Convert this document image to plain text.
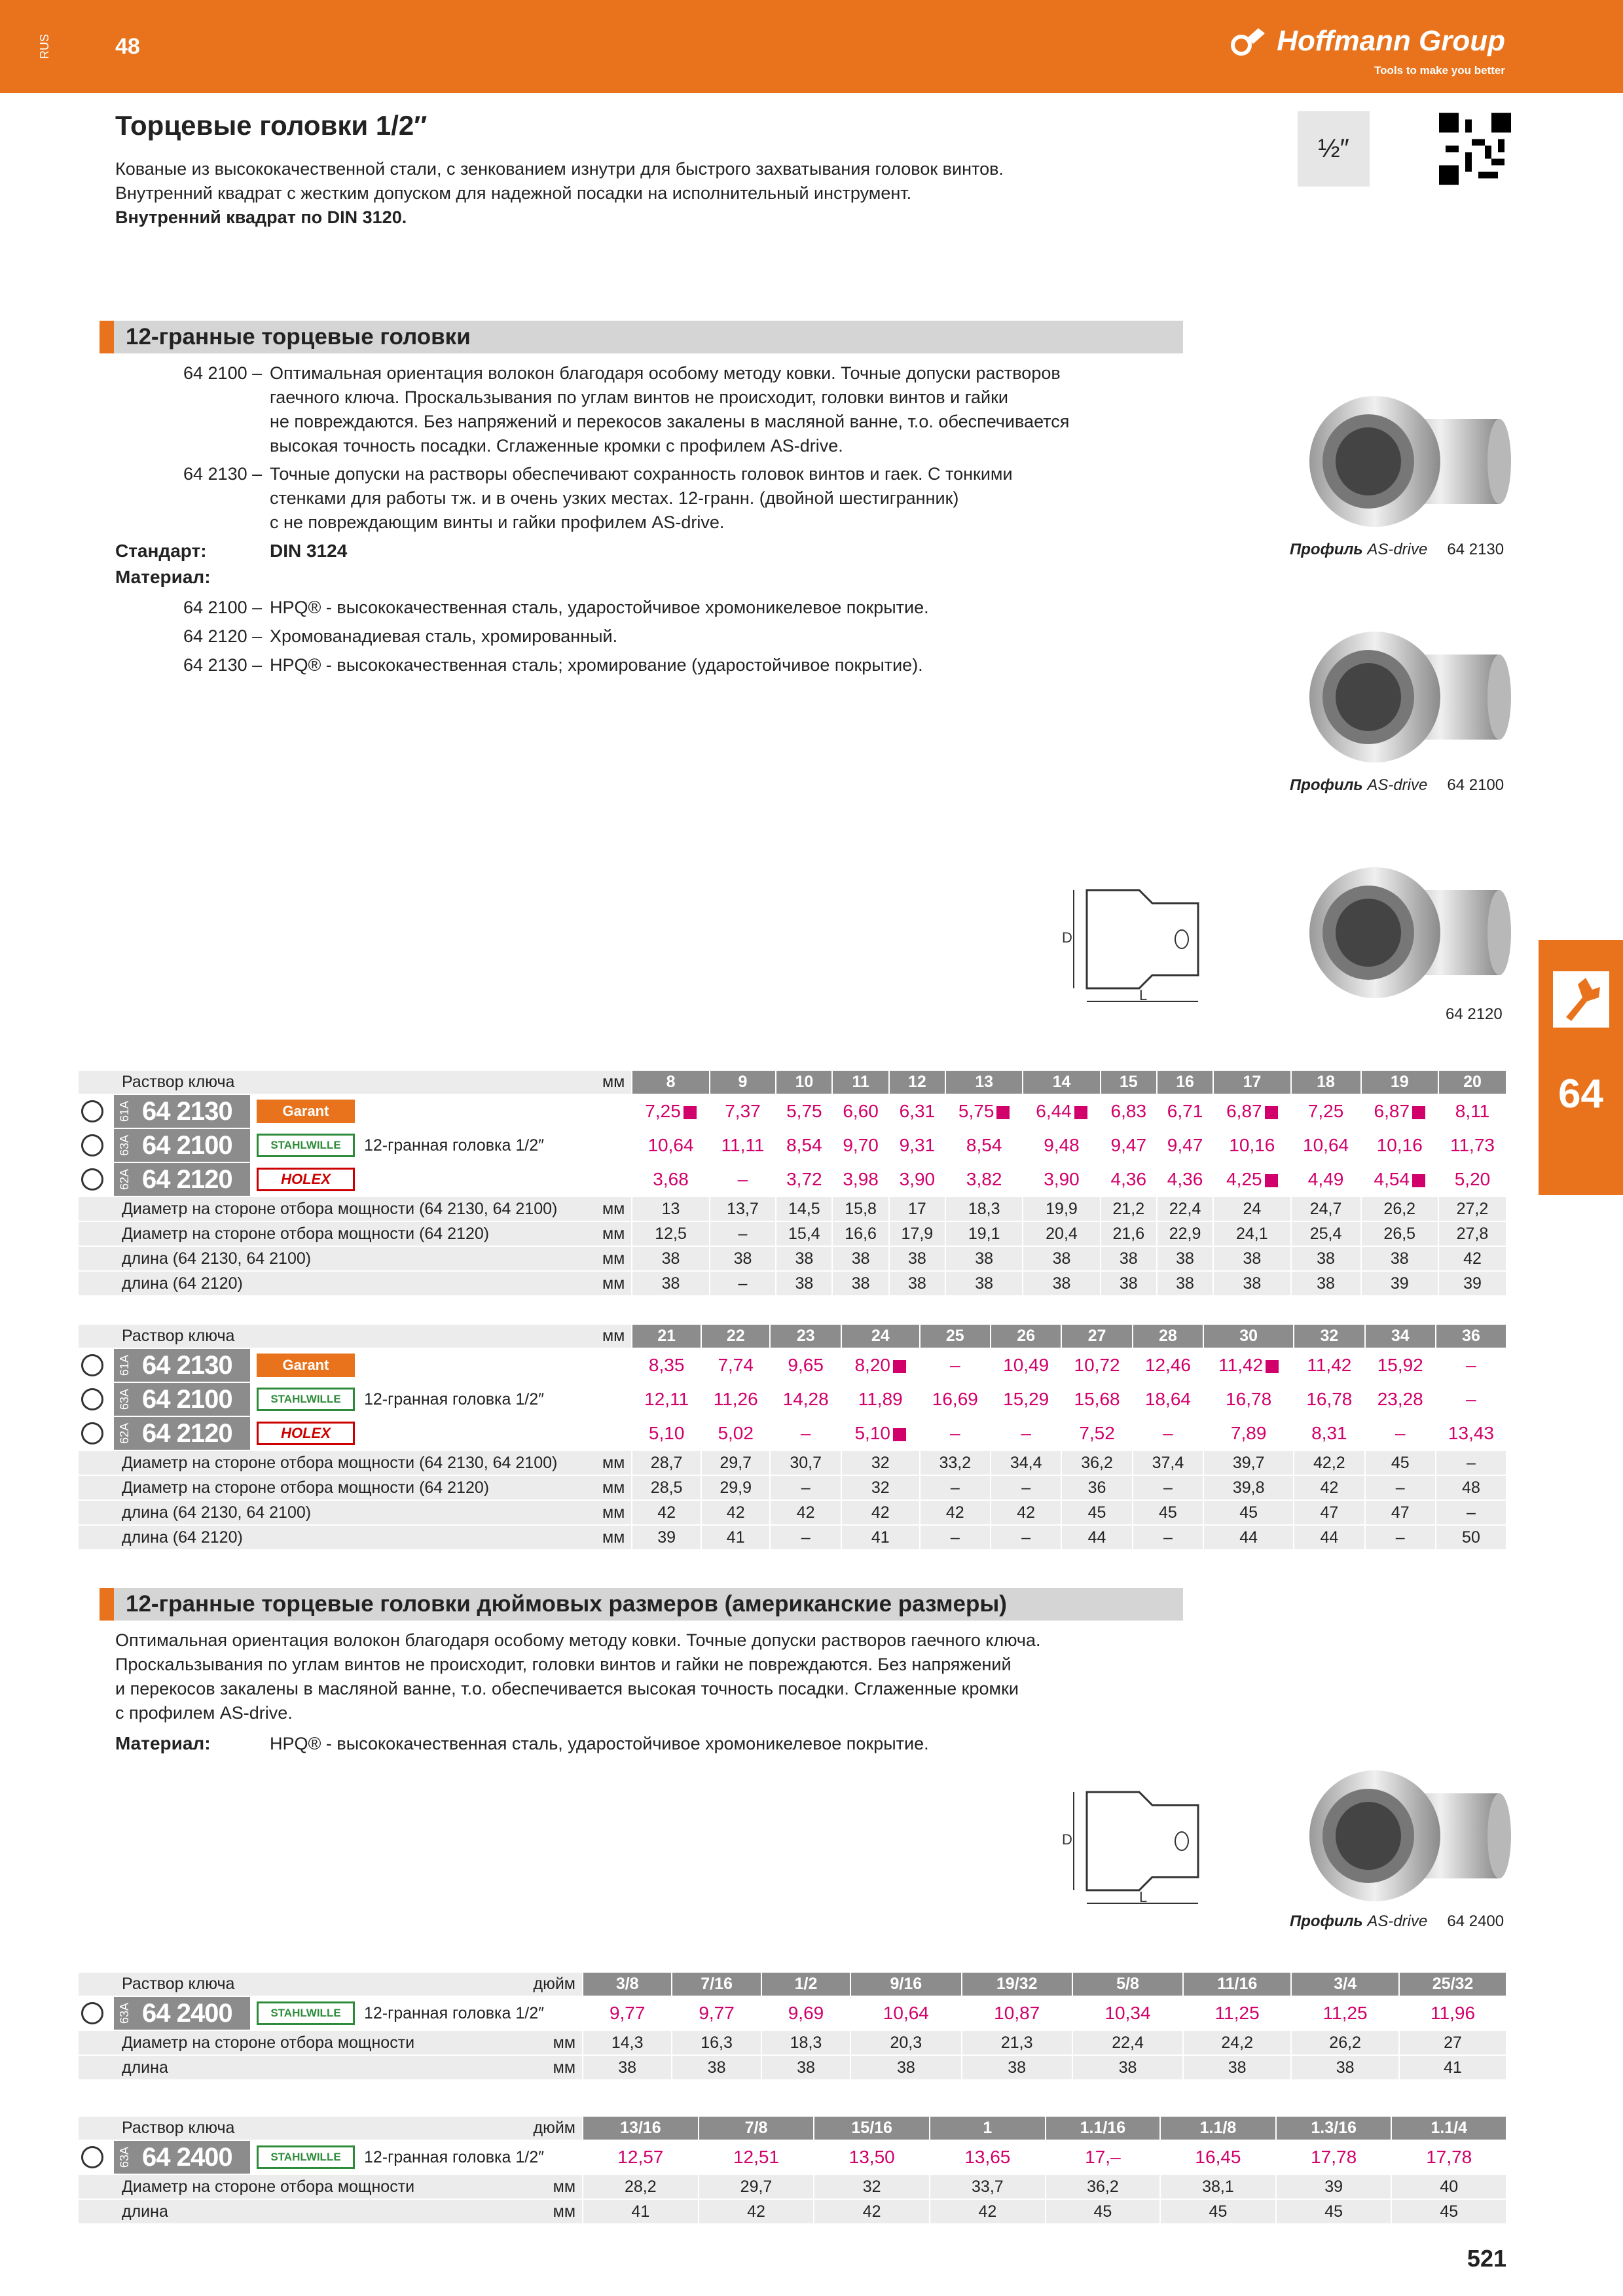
RUS	48	Hoffmann Group
Tools to make you better
Торцевые головки 1/2″
Кованые из высококачественной стали, с зенкованием изнутри для быстрого захватывания головок винтов.
Внутренний квадрат с жестким допуском для надежной посадки на исполнительный инструмент.
Внутренний квадрат по DIN 3120.
½″
12-гранные торцевые головки
64 2100 – Оптимальная ориентация волокон благодаря особому методу ковки. Точные допуски растворов
гаечного ключа. Проскальзывания по углам винтов не происходит, головки винтов и гайки
не повреждаются. Без напряжений и перекосов закалены в масляной ванне, т.о. обеспечивается
высокая точность посадки. Сглаженные кромки с профилем AS-drive.
64 2130 – Точные допуски на растворы обеспечивают сохранность головок винтов и гаек. С тонкими
стенками для работы тж. и в очень узких местах. 12-гранн. (двойной шестигранник)
с не повреждающим винты и гайки профилем AS-drive.
Стандарт:	DIN 3124
Материал:
64 2100 – HPQ® - высококачественная сталь, ударостойчивое хромоникелевое покрытие.
64 2120 – Хромованадиевая сталь, хромированный.
64 2130 – HPQ® - высококачественная сталь; хромирование (ударостойчивое покрытие).
Профиль AS-drive 64 2130
Профиль AS-drive 64 2100
D
L
64 2120
64
Раствор ключа	мм	8	9	10	11	12	13	14	15	16	17	18	19	20

61A 64 2130 Garant		7,25	7,37	5,75	6,60	6,31	5,75	6,44	6,83	6,71	6,87	7,25	6,87	8,11

63A 64 2100 STAHLWILLE 12-гранная головка 1/2″		10,64	11,11	8,54	9,70	9,31	8,54	9,48	9,47	9,47	10,16	10,64	10,16	11,73

62A 64 2120 HOLEX		3,68	–	3,72	3,98	3,90	3,82	3,90	4,36	4,36	4,25	4,49	4,54	5,20
Диаметр на стороне отбора мощности (64 2130, 64 2100)	мм	13	13,7	14,5	15,8	17	18,3	19,9	21,2	22,4	24	24,7	26,2	27,2
Диаметр на стороне отбора мощности (64 2120)	мм	12,5	–	15,4	16,6	17,9	19,1	20,4	21,6	22,9	24,1	25,4	26,5	27,8
длина (64 2130, 64 2100)	мм	38	38	38	38	38	38	38	38	38	38	38	38	42
длина (64 2120)	мм	38	–	38	38	38	38	38	38	38	38	38	39	39
Раствор ключа	мм	21	22	23	24	25	26	27	28	30	32	34	36

61A 64 2130 Garant		8,35	7,74	9,65	8,20	–	10,49	10,72	12,46	11,42	11,42	15,92	–

63A 64 2100 STAHLWILLE 12-гранная головка 1/2″		12,11	11,26	14,28	11,89	16,69	15,29	15,68	18,64	16,78	16,78	23,28	–

62A 64 2120 HOLEX		5,10	5,02	–	5,10	–	–	7,52	–	7,89	8,31	–	13,43
Диаметр на стороне отбора мощности (64 2130, 64 2100)	мм	28,7	29,7	30,7	32	33,2	34,4	36,2	37,4	39,7	42,2	45	–
Диаметр на стороне отбора мощности (64 2120)	мм	28,5	29,9	–	32	–	–	36	–	39,8	42	–	48
длина (64 2130, 64 2100)	мм	42	42	42	42	42	42	45	45	45	47	47	–
длина (64 2120)	мм	39	41	–	41	–	–	44	–	44	44	–	50
12-гранные торцевые головки дюймовых размеров (американские размеры)
Оптимальная ориентация волокон благодаря особому методу ковки. Точные допуски растворов гаечного ключа.
Проскальзывания по углам винтов не происходит, головки винтов и гайки не повреждаются. Без напряжений
и перекосов закалены в масляной ванне, т.о. обеспечивается высокая точность посадки. Сглаженные кромки
с профилем AS-drive.
Материал:	HPQ® - высококачественная сталь, ударостойчивое хромоникелевое покрытие.
D
L
Профиль AS-drive 64 2400
Раствор ключа	дюйм	3/8	7/16	1/2	9/16	19/32	5/8	11/16	3/4	25/32

63A 64 2400 STAHLWILLE 12-гранная головка 1/2″		9,77	9,77	9,69	10,64	10,87	10,34	11,25	11,25	11,96
Диаметр на стороне отбора мощности	мм	14,3	16,3	18,3	20,3	21,3	22,4	24,2	26,2	27
длина	мм	38	38	38	38	38	38	38	38	41
Раствор ключа	дюйм	13/16	7/8	15/16	1	1.1/16	1.1/8	1.3/16	1.1/4

63A 64 2400 STAHLWILLE 12-гранная головка 1/2″		12,57	12,51	13,50	13,65	17,–	16,45	17,78	17,78
Диаметр на стороне отбора мощности	мм	28,2	29,7	32	33,7	36,2	38,1	39	40
длина	мм	41	42	42	42	45	45	45	45
521
